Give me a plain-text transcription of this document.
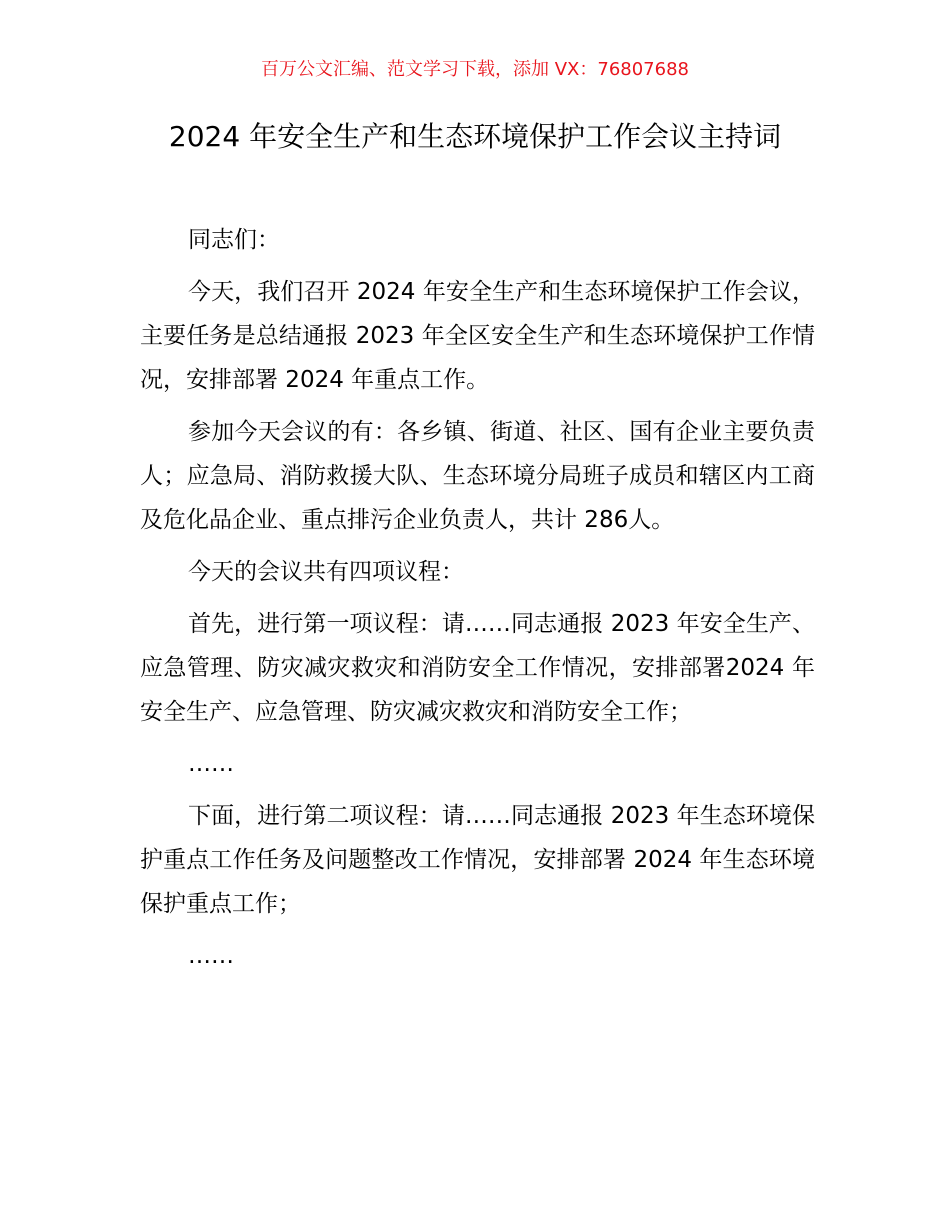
百万公文汇编、范文学习下载，添加 VX：76807688
2024 年安全生产和生态环境保护工作会议主持词

同志们：

今天，我们召开 2024 年安全生产和生态环境保护工作会议，主要任务是总结通报 2023 年全区安全生产和生态环境保护工作情况，安排部署 2024 年重点工作。

参加今天会议的有：各乡镇、街道、社区、国有企业主要负责人；应急局、消防救援大队、生态环境分局班子成员和辖区内工商及危化品企业、重点排污企业负责人，共计 286人。

今天的会议共有四项议程：

首先，进行第一项议程：请……同志通报 2023 年安全生产、应急管理、防灾减灾救灾和消防安全工作情况，安排部署2024 年安全生产、应急管理、防灾减灾救灾和消防安全工作；

……

下面，进行第二项议程：请……同志通报 2023 年生态环境保护重点工作任务及问题整改工作情况，安排部署 2024 年生态环境保护重点工作；

……
